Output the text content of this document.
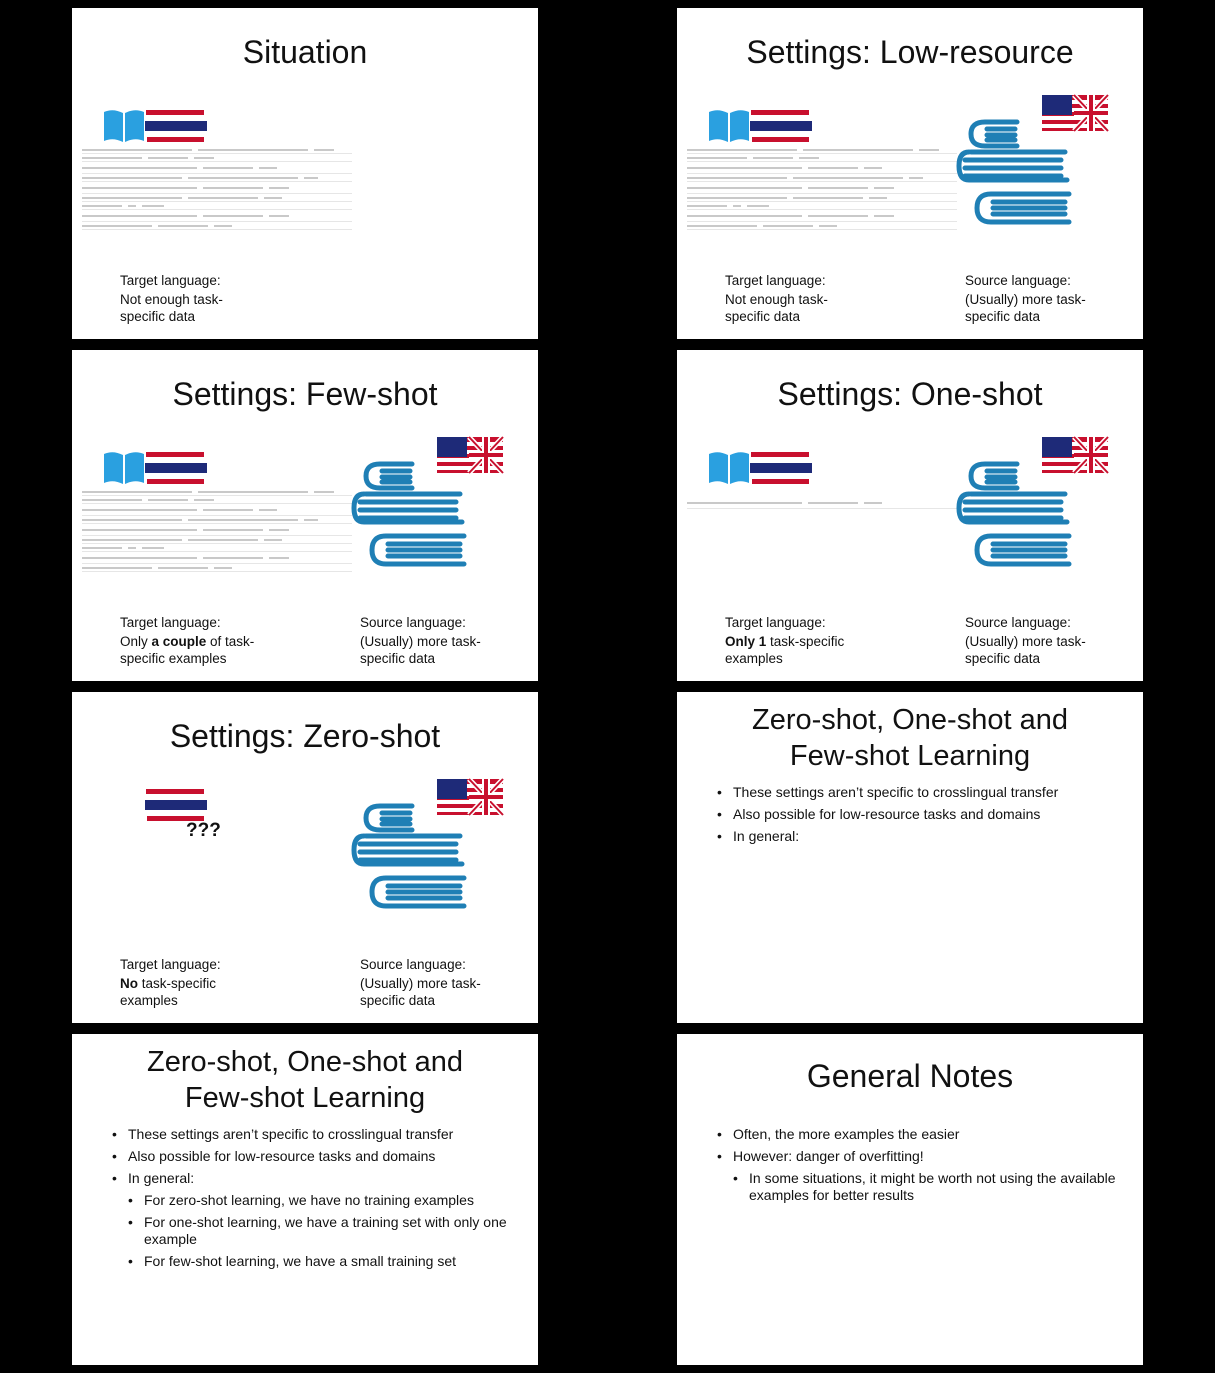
Situation
Target language:
Not enough task-specific data
Settings: Low-resource
Target language:
Not enough task-specific data
Source language:
(Usually) more task-specific data
Settings: Few-shot
Target language:
Only a couple of task-specific examples
Source language:
(Usually) more task-specific data
Settings: One-shot
Target language:
Only 1 task-specific examples
Source language:
(Usually) more task-specific data
Settings: Zero-shot
???
Target language:
No task-specific examples
Source language:
(Usually) more task-specific data
Zero-shot, One-shot and
Few-shot Learning
• These settings aren’t specific to crosslingual transfer
• Also possible for low-resource tasks and domains
• In general:
Zero-shot, One-shot and
Few-shot Learning
• These settings aren’t specific to crosslingual transfer
• Also possible for low-resource tasks and domains
• In general:
• For zero-shot learning, we have no training examples
• For one-shot learning, we have a training set with only one example
• For few-shot learning, we have a small training set
General Notes
• Often, the more examples the easier
• However: danger of overfitting!
• In some situations, it might be worth not using the available examples for better results
